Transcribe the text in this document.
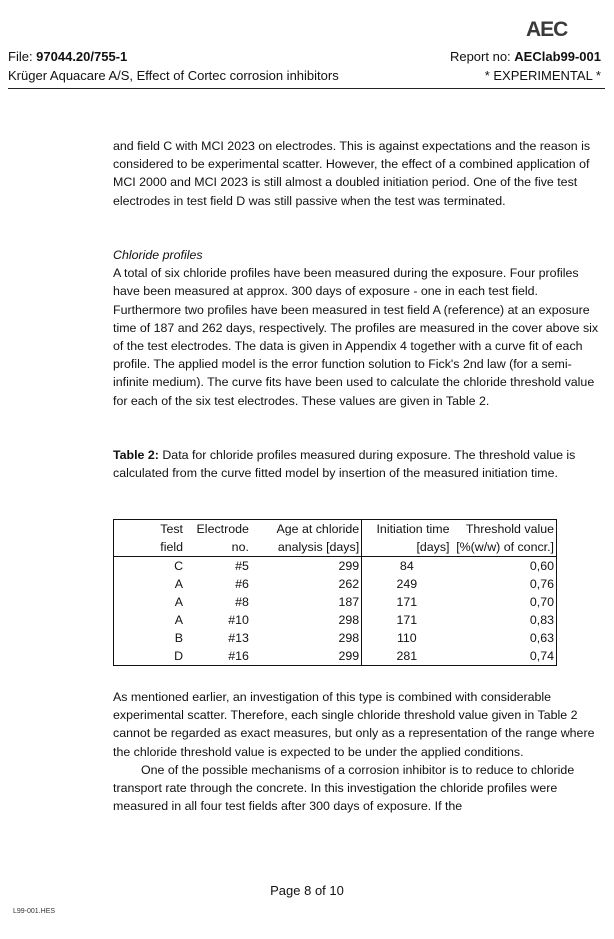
AEC
File: 97044.20/755-1
Krüger Aquacare A/S, Effect of Cortec corrosion inhibitors
Report no: AEClab99-001
* EXPERIMENTAL *

and field C with MCI 2023 on electrodes. This is against expectations and the reason is considered to be experimental scatter. However, the effect of a combined application of MCI 2000 and MCI 2023 is still almost a doubled initiation period. One of the five test electrodes in test field D was still passive when the test was terminated.

Chloride profiles

A total of six chloride profiles have been measured during the exposure. Four profiles have been measured at approx. 300 days of exposure - one in each test field. Furthermore two profiles have been measured in test field A (reference) at an exposure time of 187 and 262 days, respectively. The profiles are measured in the cover above six of the test electrodes. The data is given in Appendix 4 together with a curve fit of each profile. The applied model is the error function solution to Fick's 2nd law (for a semi-infinite medium). The curve fits have been used to calculate the chloride threshold value for each of the six test electrodes. These values are given in Table 2.

Table 2: Data for chloride profiles measured during exposure. The threshold value is calculated from the curve fitted model by insertion of the measured initiation time.

Test	Electrode	Age at chloride	Initiation time	Threshold value
field	no.	analysis [days]	[days]	[%(w/w) of concr.]
C	#5	299	84	0,60
A	#6	262	249	0,76
A	#8	187	171	0,70
A	#10	298	171	0,83
B	#13	298	110	0,63
D	#16	299	281	0,74

As mentioned earlier, an investigation of this type is combined with considerable experimental scatter. Therefore, each single chloride threshold value given in Table 2 cannot be regarded as exact measures, but only as a representation of the range where the chloride threshold value is expected to be under the applied conditions.

One of the possible mechanisms of a corrosion inhibitor is to reduce to chloride transport rate through the concrete. In this investigation the chloride profiles were measured in all four test fields after 300 days of exposure. If the

Page 8 of 10
L99-001.HES
